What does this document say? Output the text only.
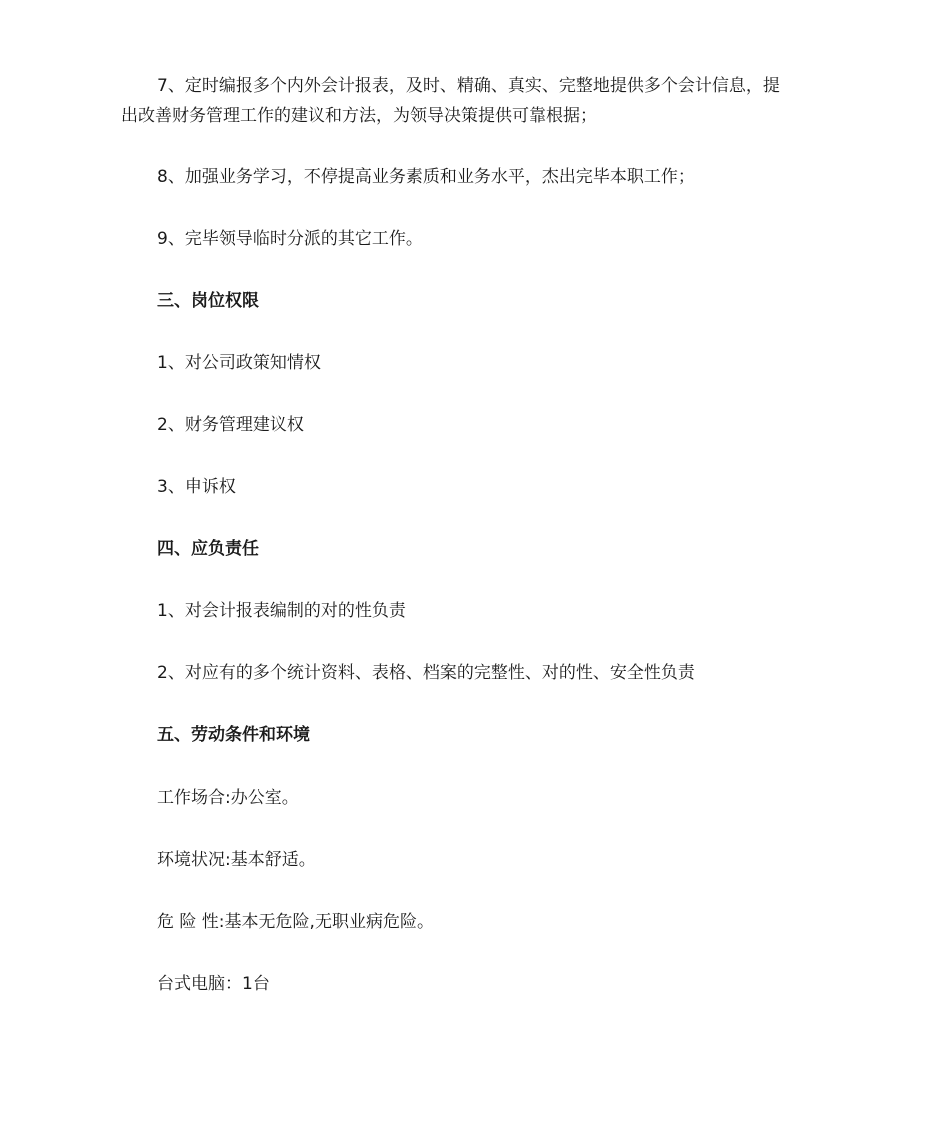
7、定时编报多个内外会计报表，及时、精确、真实、完整地提供多个会计信息，提
出改善财务管理工作的建议和方法，为领导决策提供可靠根据；
8、加强业务学习，不停提高业务素质和业务水平，杰出完毕本职工作；
9、完毕领导临时分派的其它工作。
三、岗位权限
1、对公司政策知情权
2、财务管理建议权
3、申诉权
四、应负责任
1、对会计报表编制的对的性负责
2、对应有的多个统计资料、表格、档案的完整性、对的性、安全性负责
五、劳动条件和环境
工作场合:办公室。
环境状况:基本舒适。
危 险 性:基本无危险,无职业病危险。
台式电脑：1台
